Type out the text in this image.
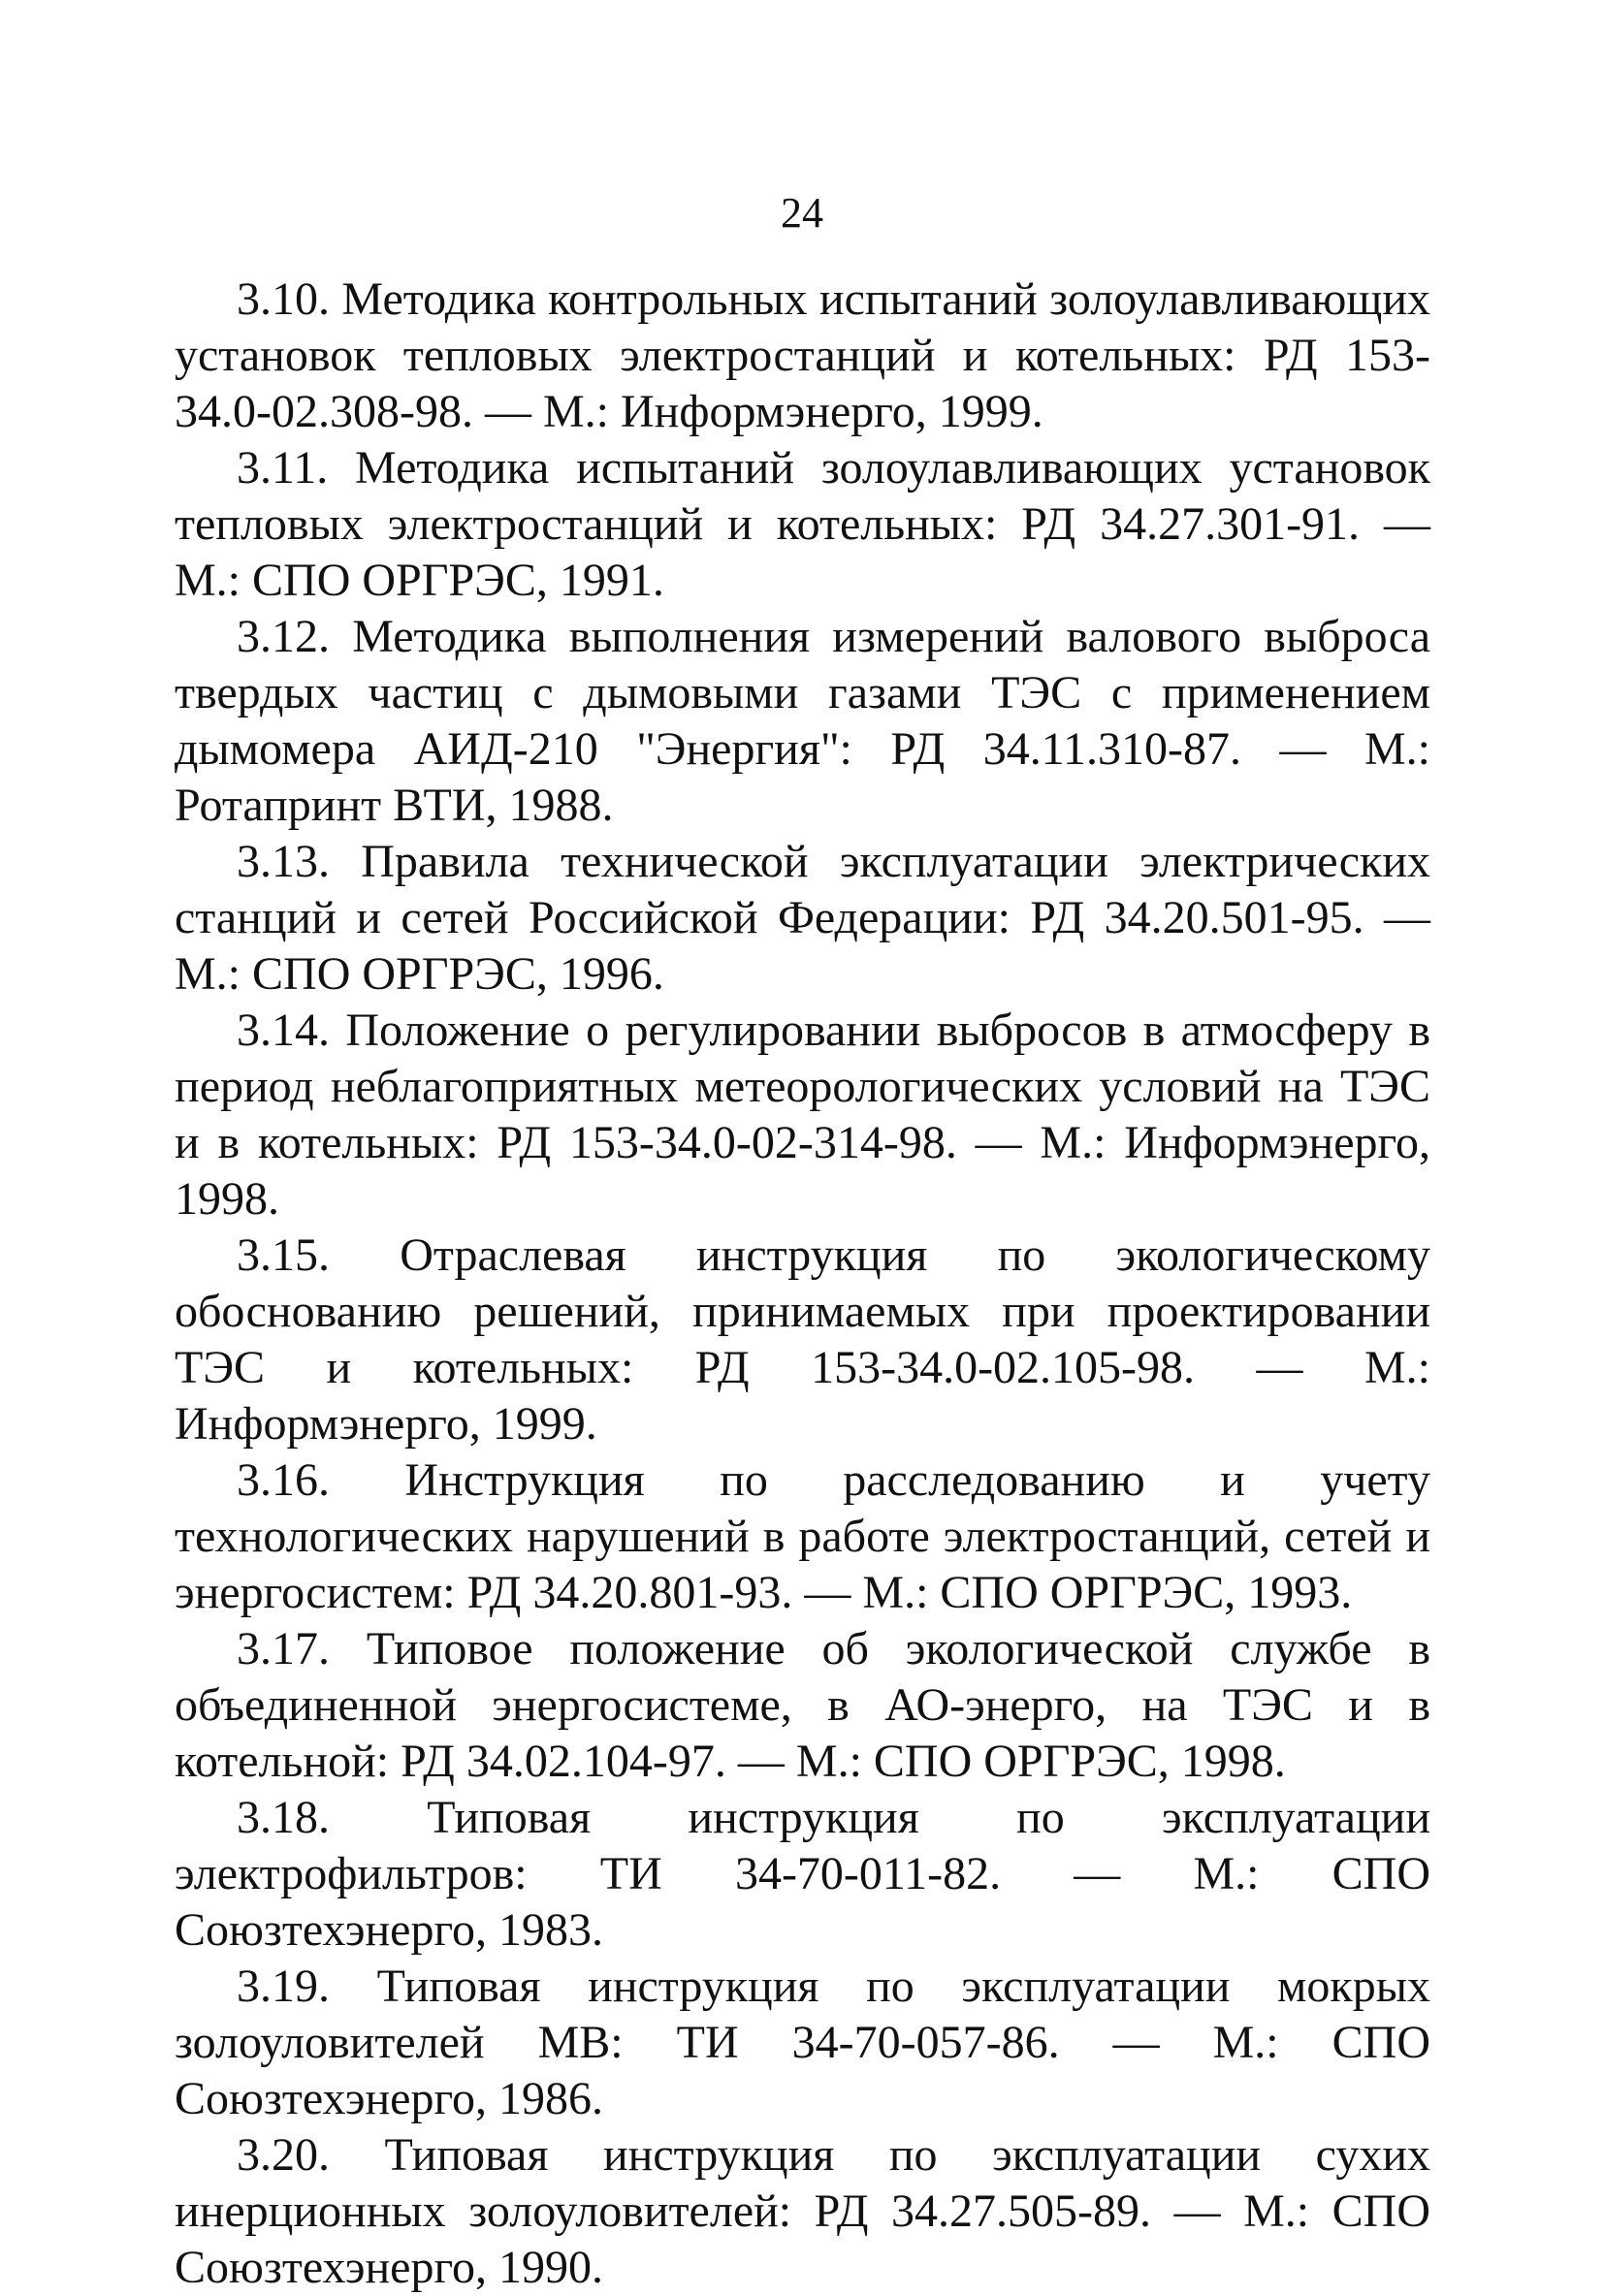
24

3.10. Методика контрольных испытаний золоулавливающих установок тепловых электростанций и котельных: РД 153-34.0-02.308-98. — М.: Информэнерго, 1999.

3.11. Методика испытаний золоулавливающих установок тепловых электростанций и котельных: РД 34.27.301-91. — М.: СПО ОРГРЭС, 1991.

3.12. Методика выполнения измерений валового выброса твердых частиц с дымовыми газами ТЭС с применением дымомера АИД-210 "Энергия": РД 34.11.310-87. — М.: Ротапринт ВТИ, 1988.

3.13. Правила технической эксплуатации электрических станций и сетей Российской Федерации: РД 34.20.501-95. — М.: СПО ОРГРЭС, 1996.

3.14. Положение о регулировании выбросов в атмосферу в период неблагоприятных метеорологических условий на ТЭС и в котельных: РД 153-34.0-02-314-98. — М.: Информэнерго, 1998.

3.15. Отраслевая инструкция по экологическому обоснованию решений, принимаемых при проектировании ТЭС и котельных: РД 153-34.0-02.105-98. — М.: Информэнерго, 1999.

3.16. Инструкция по расследованию и учету технологических нарушений в работе электростанций, сетей и энергосистем: РД 34.20.801-93. — М.: СПО ОРГРЭС, 1993.

3.17. Типовое положение об экологической службе в объединенной энергосистеме, в АО-энерго, на ТЭС и в котельной: РД 34.02.104-97. — М.: СПО ОРГРЭС, 1998.

3.18. Типовая инструкция по эксплуатации электрофильтров: ТИ 34-70-011-82. — М.: СПО Союзтехэнерго, 1983.

3.19. Типовая инструкция по эксплуатации мокрых золоуловителей МВ: ТИ 34-70-057-86. — М.: СПО Союзтехэнерго, 1986.

3.20. Типовая инструкция по эксплуатации сухих инерционных золоуловителей: РД 34.27.505-89. — М.: СПО Союзтехэнерго, 1990.
